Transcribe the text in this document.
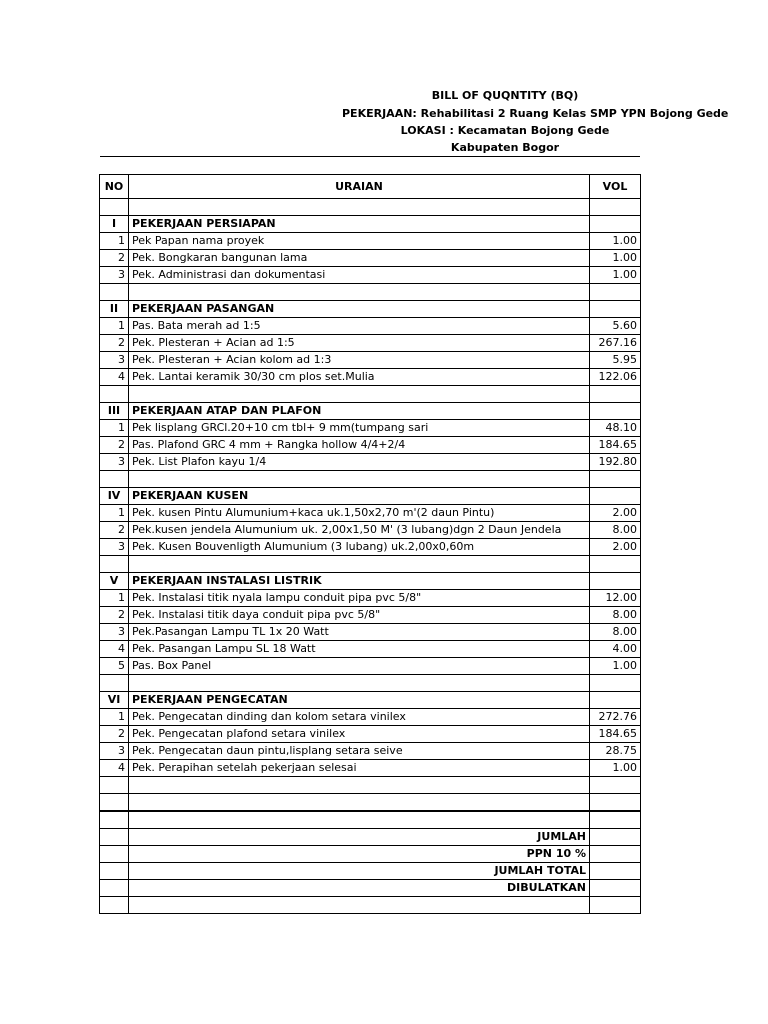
BILL OF QUQNTITY (BQ)
PEKERJAAN: Rehabilitasi 2 Ruang Kelas SMP YPN Bojong Gede
LOKASI : Kecamatan Bojong Gede
Kabupaten Bogor
NO	URAIAN	VOL

I	PEKERJAAN PERSIAPAN	
1	Pek Papan nama proyek	1.00
2	Pek. Bongkaran bangunan lama	1.00
3	Pek. Administrasi dan dokumentasi	1.00

II	PEKERJAAN PASANGAN	
1	Pas. Bata merah ad 1:5	5.60
2	Pek. Plesteran + Acian ad 1:5	267.16
3	Pek. Plesteran + Acian kolom ad 1:3	5.95
4	Pek. Lantai keramik 30/30 cm plos set.Mulia	122.06

III	PEKERJAAN ATAP DAN PLAFON	
1	Pek lisplang GRCl.20+10 cm tbl+ 9 mm(tumpang sari	48.10
2	Pas. Plafond GRC 4 mm + Rangka hollow 4/4+2/4	184.65
3	Pek. List Plafon kayu 1/4	192.80

IV	PEKERJAAN KUSEN	
1	Pek. kusen Pintu Alumunium+kaca uk.1,50x2,70 m'(2 daun Pintu)	2.00
2	Pek.kusen jendela Alumunium uk. 2,00x1,50 M' (3 lubang)dgn 2 Daun Jendela	8.00
3	Pek. Kusen Bouvenligth Alumunium (3 lubang) uk.2,00x0,60m	2.00

V	PEKERJAAN INSTALASI LISTRIK	
1	Pek. Instalasi titik nyala lampu conduit pipa pvc 5/8"	12.00
2	Pek. Instalasi titik daya conduit pipa pvc 5/8"	8.00
3	Pek.Pasangan Lampu TL 1x 20 Watt	8.00
4	Pek. Pasangan Lampu SL 18 Watt	4.00
5	Pas. Box Panel	1.00

VI	PEKERJAAN PENGECATAN	
1	Pek. Pengecatan dinding dan kolom setara vinilex	272.76
2	Pek. Pengecatan plafond setara vinilex	184.65
3	Pek. Pengecatan daun pintu,lisplang setara seive	28.75
4	Pek. Perapihan setelah pekerjaan selesai	1.00

	JUMLAH	
	PPN 10 %	
	JUMLAH TOTAL	
	DIBULATKAN	
